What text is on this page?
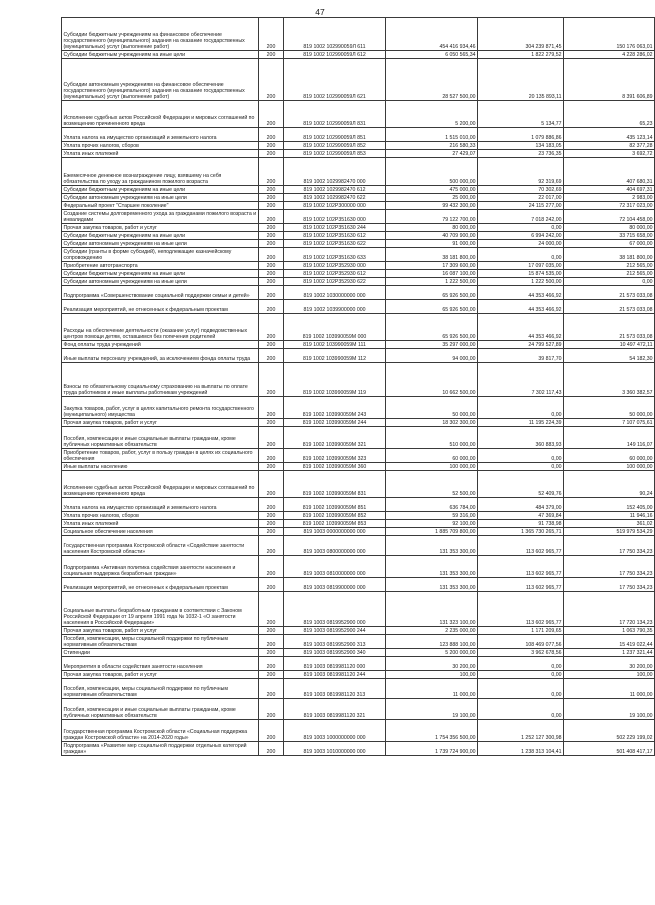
47
Субсидии бюджетным учреждениям на финансовое обеспечение государственного (муниципального) задания на оказание государственных (муниципальных) услуг (выполнение работ)	200	819 1002 102990059Л 611	454 416 934,46	304 239 871,45	150 176 063,01
Субсидии бюджетным учреждениям на иные цели	200	819 1002 102990059Л 612	6 050 565,34	1 822 279,52	4 228 286,02
Субсидии автономным учреждениям на финансовое обеспечение государственного (муниципального) задания на оказание государственных (муниципальных) услуг (выполнение работ)	200	819 1002 102990059Л 621	28 527 500,00	20 135 893,11	8 391 606,89
Исполнение судебных актов Российской Федерации и мировых соглашений по возмещению причиненного вреда	200	819 1002 102990059Л 831	5 200,00	5 134,77	65,23
Уплата налога на имущество организаций и земельного налога	200	819 1002 102990059Л 851	1 515 010,00	1 079 886,86	435 123,14
Уплата прочих налогов, сборов	200	819 1002 102990059Л 852	216 580,33	134 183,05	82 377,28
Уплата иных платежей	200	819 1002 102990059Л 853	27 429,07	23 736,35	3 692,72
Ежемесячное денежное вознаграждение лицу, взявшему на себя обязательства по уходу за гражданином пожилого возраста	200	819 1002 1029982470 000	500 000,00	92 319,69	407 680,31
Субсидии бюджетным учреждениям на иные цели	200	819 1002 1029982470 612	475 000,00	70 302,69	404 697,31
Субсидии автономным учреждениям на иные цели	200	819 1002 1029982470 622	25 000,00	22 017,00	2 983,00
Федеральный проект "Старшее поколение"	200	819 1002 102P300000 000	99 432 300,00	24 115 277,00	72 317 023,00
Создание системы долговременного ухода за гражданами пожилого возраста и инвалидами	200	819 1002 102P351630 000	79 122 700,00	7 018 242,00	72 104 458,00
Прочая закупка товаров, работ и услуг	200	819 1002 102P351630 244	80 000,00	0,00	80 000,00
Субсидии бюджетным учреждениям на иные цели	200	819 1002 102P351630 612	40 709 900,00	6 994 242,00	33 715 658,00
Субсидии автономным учреждениям на иные цели	200	819 1002 102P351630 622	91 000,00	24 000,00	67 000,00
Субсидии (гранты в форме субсидий), неподлежащие казначейскому сопровождению	200	819 1002 102P351630 633	38 181 800,00	0,00	38 181 800,00
Приобретение автотранспорта	200	819 1002 102P352930 000	17 309 600,00	17 097 035,00	212 565,00
Субсидии бюджетным учреждениям на иные цели	200	819 1002 102P352930 612	16 087 100,00	15 874 535,00	212 565,00
Субсидии автономным учреждениям на иные цели	200	819 1002 102P352930 622	1 222 500,00	1 222 500,00	0,00
Подпрограмма «Совершенствование социальной поддержки семьи и детей»	200	819 1002 1030000000 000	65 926 500,00	44 353 466,92	21 573 033,08
Реализация мероприятий, не отнесенных к федеральным проектам	200	819 1002 1039900000 000	65 926 500,00	44 353 466,92	21 573 033,08
Расходы на обеспечение деятельности (оказание услуг) подведомственных центров помощи детям, оставшимся без попечения родителей	200	819 1002 103990059М 000	65 926 500,00	44 353 466,92	21 573 033,08
Фонд оплаты труда учреждений	200	819 1002 103990059М 111	35 297 000,00	24 799 527,89	10 497 472,11
Иные выплаты персоналу учреждений, за исключением фонда оплаты труда	200	819 1002 103990059М 112	94 000,00	39 817,70	54 182,30
Взносы по обязательному социальному страхованию на выплаты по оплате труда работников и иные выплаты работникам учреждений	200	819 1002 103990059М 119	10 662 500,00	7 302 117,43	3 360 382,57
Закупка товаров, работ, услуг в целях капитального ремонта государственного (муниципального) имущества	200	819 1002 103990059М 243	50 000,00	0,00	50 000,00
Прочая закупка товаров, работ и услуг	200	819 1002 103990059М 244	18 302 300,00	11 195 224,39	7 107 075,61
Пособия, компенсации и иные социальные выплаты гражданам, кроме публичных нормативных обязательств	200	819 1002 103990059М 321	510 000,00	360 883,93	149 116,07
Приобретение товаров, работ, услуг в пользу граждан в целях их социального обеспечения	200	819 1002 103990059М 323	60 000,00	0,00	60 000,00
Иные выплаты населению	200	819 1002 103990059М 360	100 000,00	0,00	100 000,00
Исполнение судебных актов Российской Федерации и мировых соглашений по возмещению причиненного вреда	200	819 1002 103990059М 831	52 500,00	52 409,76	90,24
Уплата налога на имущество организаций и земельного налога	200	819 1002 103990059М 851	636 784,00	484 379,00	152 405,00
Уплата прочих налогов, сборов	200	819 1002 103990059М 852	59 316,00	47 369,84	11 946,16
Уплата иных платежей	200	819 1002 103990059М 853	92 100,00	91 738,98	361,02
Социальное обеспечение населения	200	819 1003 0000000000 000	1 885 709 800,00	1 365 730 265,71	519 979 534,29
Государственная программа Костромской области «Содействие занятости населения Костромской области»	200	819 1003 0800000000 000	131 353 300,00	113 602 965,77	17 750 334,23
Подпрограмма «Активная политика содействия занятости населения и социальная поддержка безработных граждан»	200	819 1003 0810000000 000	131 353 300,00	113 602 965,77	17 750 334,23
Реализация мероприятий, не отнесенных к федеральным проектам	200	819 1003 0819900000 000	131 353 300,00	113 602 965,77	17 750 334,23
Социальные выплаты безработным гражданам в соответствии с Законом Российской Федерации от 19 апреля 1991 года № 1032-1 «О занятости населения в Российской Федерации»	200	819 1003 0819952900 000	131 323 100,00	113 602 965,77	17 720 134,23
Прочая закупка товаров, работ и услуг	200	819 1003 0819952900 244	2 235 000,00	1 171 209,65	1 063 790,35
Пособия, компенсации, меры социальной поддержки по публичным нормативным обязательствам	200	819 1003 0819952900 313	123 888 100,00	108 469 077,56	15 419 022,44
Стипендии	200	819 1003 0819952900 340	5 200 000,00	3 962 678,56	1 237 321,44
Мероприятия в области содействия занятости населения	200	819 1003 0819981120 000	30 200,00	0,00	30 200,00
Прочая закупка товаров, работ и услуг	200	819 1003 0819981120 244	100,00	0,00	100,00
Пособия, компенсации, меры социальной поддержки по публичным нормативным обязательствам	200	819 1003 0819981120 313	11 000,00	0,00	11 000,00
Пособия, компенсации и иные социальные выплаты гражданам, кроме публичных нормативных обязательств	200	819 1003 0819981120 321	19 100,00	0,00	19 100,00
Государственная программа Костромской области «Социальная поддержка граждан Костромской области» на 2014-2020 годы»	200	819 1003 1000000000 000	1 754 356 500,00	1 252 127 300,98	502 229 199,02
Подпрограмма «Развитие мер социальной поддержки отдельных категорий граждан»	200	819 1003 1010000000 000	1 739 724 900,00	1 238 313 104,41	501 408 417,17
